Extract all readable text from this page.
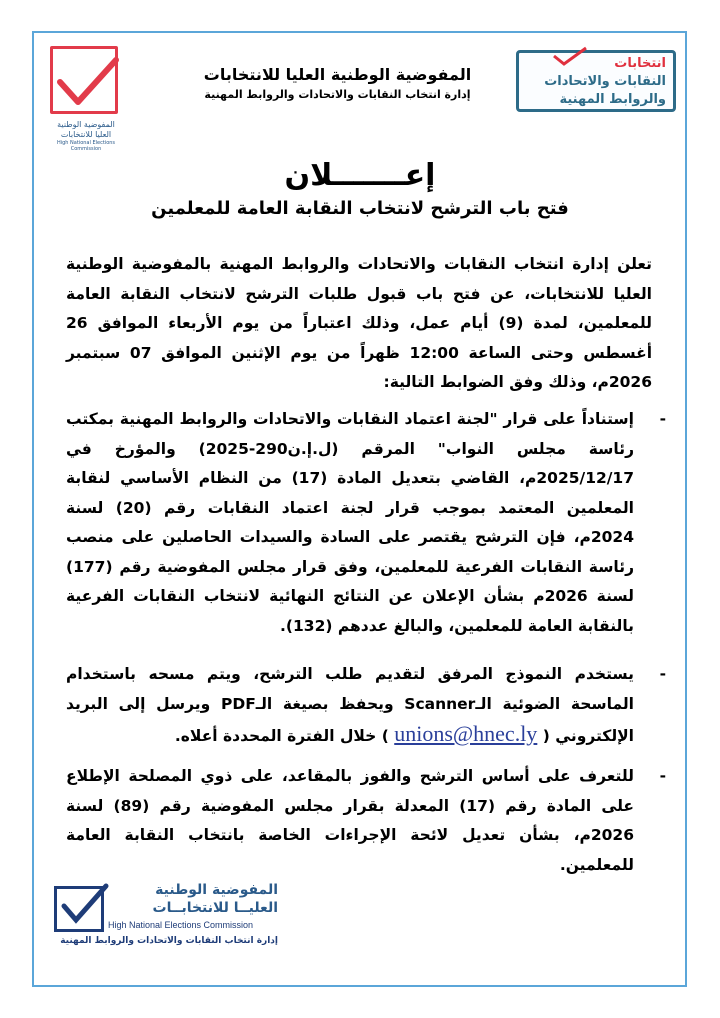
المفوضية الوطنية
العليا للانتخابات
High National Elections Commission
المفوضية الوطنية العليا للانتخابات
إدارة انتخاب النقابات والاتحادات والروابط المهنية
انتخابات
النقابات والاتحادات
والروابط المهنية
إعـــــــلان
فتح باب الترشح لانتخاب النقابة العامة للمعلمين
تعلن إدارة انتخاب النقابات والاتحادات والروابط المهنية بالمفوضية الوطنية العليا للانتخابات، عن فتح باب قبول طلبات الترشح لانتخاب النقابة العامة للمعلمين، لمدة (9) أيام عمل، وذلك اعتباراً من يوم الأربعاء الموافق 26 أغسطس وحتى الساعة 12:00 ظهراً من يوم الإثنين الموافق 07 سبتمبر 2026م، وذلك وفق الضوابط التالية:
-
إستناداً على قرار "لجنة اعتماد النقابات والاتحادات والروابط المهنية بمكتب رئاسة مجلس النواب" المرقم (ل.إ.ن290-2025) والمؤرخ في 2025/12/17م، القاضي بتعديل المادة (17) من النظام الأساسي لنقابة المعلمين المعتمد بموجب قرار لجنة اعتماد النقابات رقم (20) لسنة 2024م، فإن الترشح يقتصر على السادة والسيدات الحاصلين على منصب رئاسة النقابات الفرعية للمعلمين، وفق قرار مجلس المفوضية رقم (177) لسنة 2026م بشأن الإعلان عن النتائج النهائية لانتخاب النقابات الفرعية بالنقابة العامة للمعلمين، والبالغ عددهم (132).
-
يستخدم النموذج المرفق لتقديم طلب الترشح، ويتم مسحه باستخدام الماسحة الضوئية الـScanner ويحفظ بصيغة الـPDF ويرسل إلى البريد الإلكتروني ( unions@hnec.ly ) خلال الفترة المحددة أعلاه.
-
للتعرف على أساس الترشح والفوز بالمقاعد، على ذوي المصلحة الإطلاع على المادة رقم (17) المعدلة بقرار مجلس المفوضية رقم (89) لسنة 2026م، بشأن تعديل لائحة الإجراءات الخاصة بانتخاب النقابة العامة للمعلمين.
المفوضية الوطنية
العليــا للانتخابــات
High National Elections Commission
إدارة انتخاب النقابات والاتحادات والروابط المهنية
